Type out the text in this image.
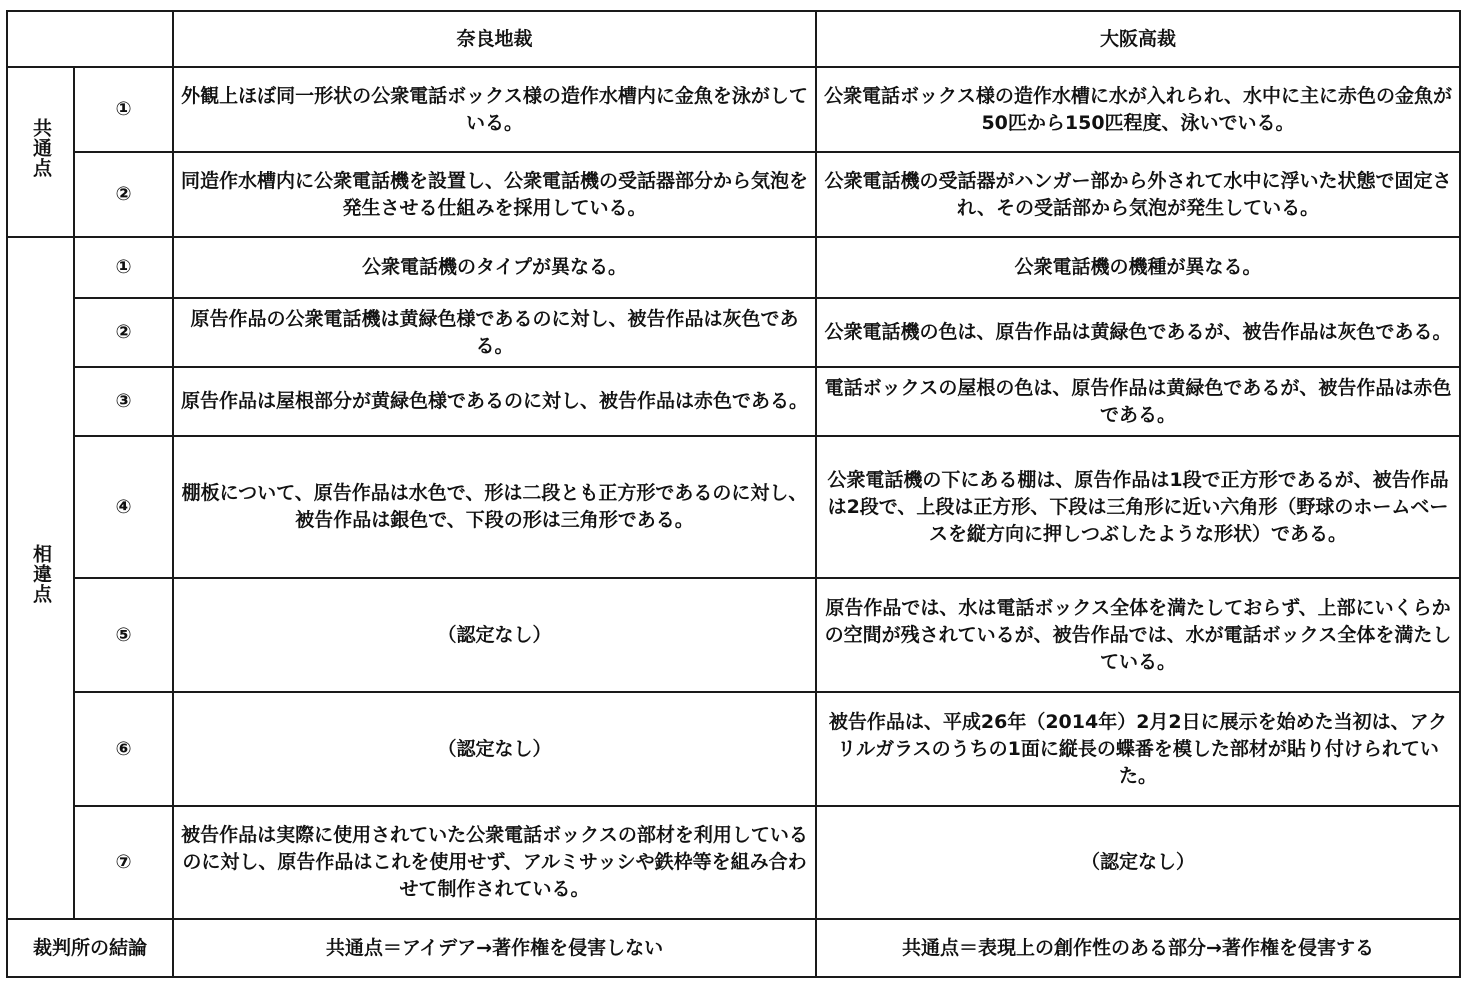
		奈良地裁	大阪高裁
共通点	①	外観上ほぼ同一形状の公衆電話ボックス様の造作水槽内に金魚を泳がしている。	公衆電話ボックス様の造作水槽に水が入れられ、水中に主に赤色の金魚が50匹から150匹程度、泳いでいる。
	②	同造作水槽内に公衆電話機を設置し、公衆電話機の受話器部分から気泡を発生させる仕組みを採用している。	公衆電話機の受話器がハンガー部から外されて水中に浮いた状態で固定され、その受話部から気泡が発生している。
相違点	①	公衆電話機のタイプが異なる。	公衆電話機の機種が異なる。
	②	原告作品の公衆電話機は黄緑色様であるのに対し、被告作品は灰色である。	公衆電話機の色は、原告作品は黄緑色であるが、被告作品は灰色である。
	③	原告作品は屋根部分が黄緑色様であるのに対し、被告作品は赤色である。	電話ボックスの屋根の色は、原告作品は黄緑色であるが、被告作品は赤色である。
	④	棚板について、原告作品は水色で、形は二段とも正方形であるのに対し、被告作品は銀色で、下段の形は三角形である。	公衆電話機の下にある棚は、原告作品は1段で正方形であるが、被告作品は2段で、上段は正方形、下段は三角形に近い六角形（野球のホームベースを縦方向に押しつぶしたような形状）である。
	⑤	（認定なし）	原告作品では、水は電話ボックス全体を満たしておらず、上部にいくらかの空間が残されているが、被告作品では、水が電話ボックス全体を満たしている。
	⑥	（認定なし）	被告作品は、平成26年（2014年）2月2日に展示を始めた当初は、アクリルガラスのうちの1面に縦長の蝶番を模した部材が貼り付けられていた。
	⑦	被告作品は実際に使用されていた公衆電話ボックスの部材を利用しているのに対し、原告作品はこれを使用せず、アルミサッシや鉄枠等を組み合わせて制作されている。	（認定なし）
裁判所の結論		共通点＝アイデア→著作権を侵害しない	共通点＝表現上の創作性のある部分→著作権を侵害する
